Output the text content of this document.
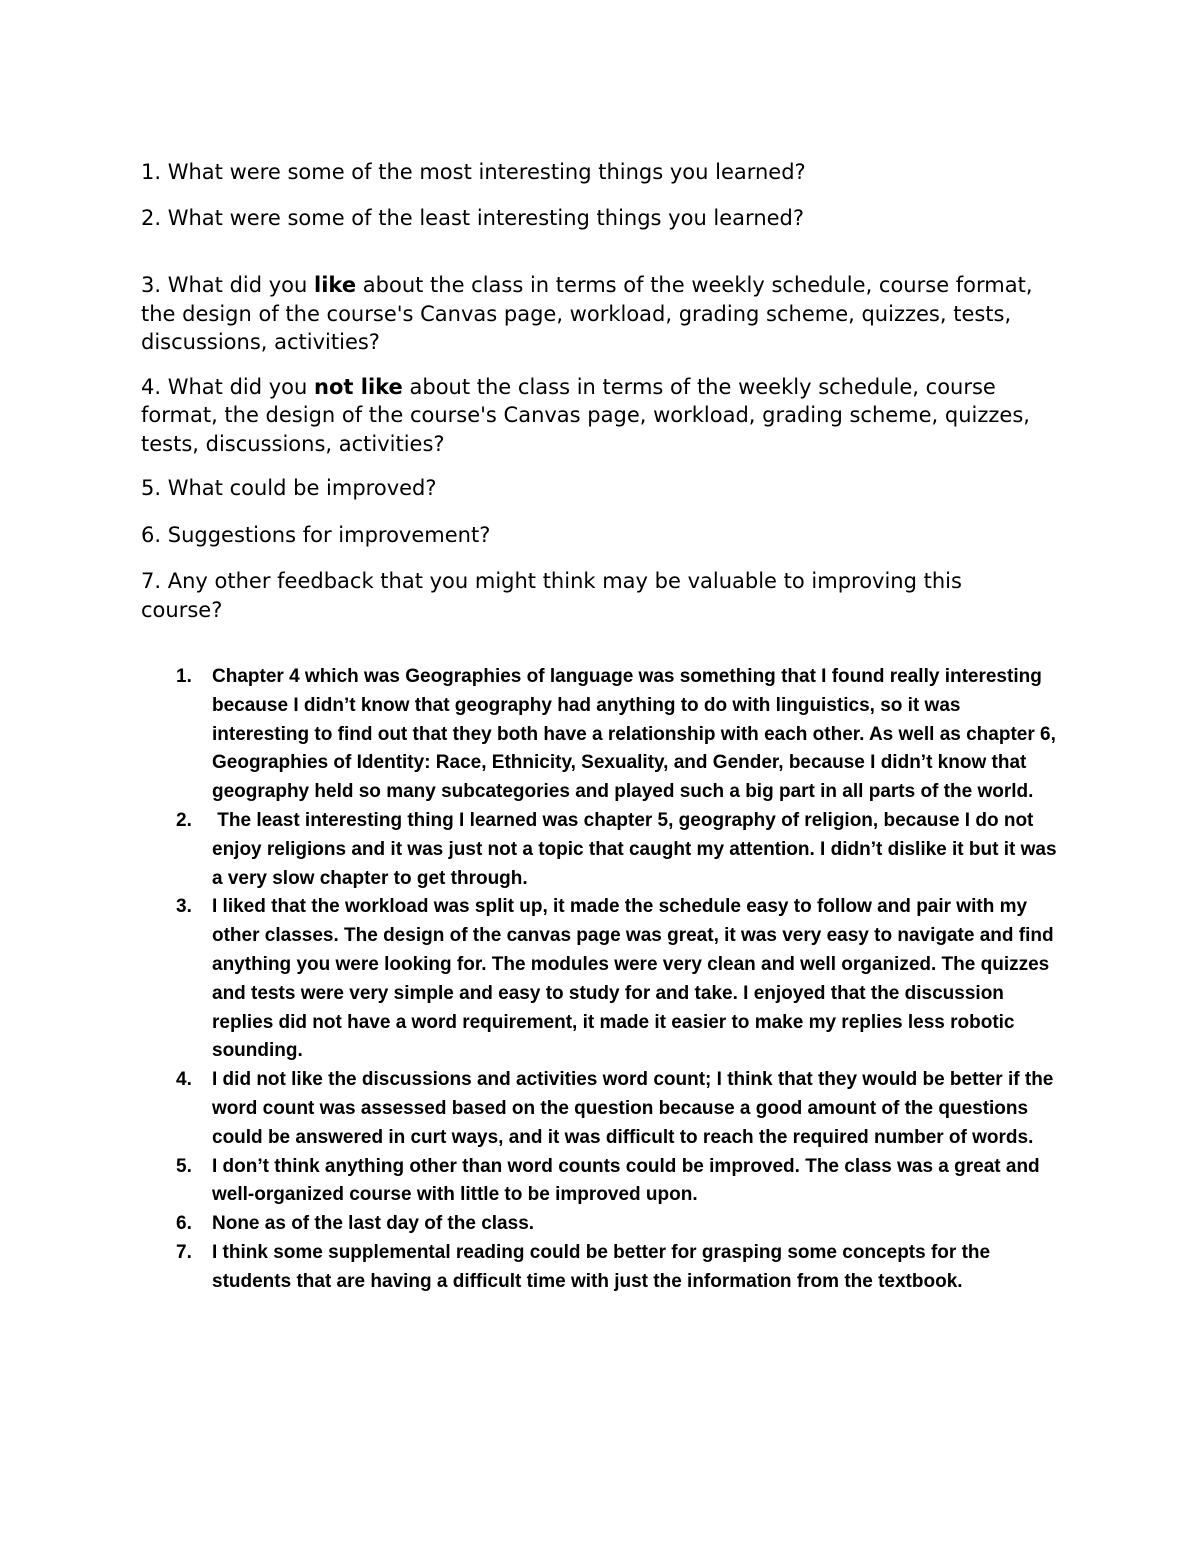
1. What were some of the most interesting things you learned?

2. What were some of the least interesting things you learned?

3. What did you like about the class in terms of the weekly schedule, course format, the design of the course's Canvas page, workload, grading scheme, quizzes, tests, discussions, activities?

4. What did you not like about the class in terms of the weekly schedule, course format, the design of the course's Canvas page, workload, grading scheme, quizzes, tests, discussions, activities?

5. What could be improved?

6. Suggestions for improvement?

7. Any other feedback that you might think may be valuable to improving this course?

1. Chapter 4 which was Geographies of language was something that I found really interesting because I didn’t know that geography had anything to do with linguistics, so it was interesting to find out that they both have a relationship with each other. As well as chapter 6, Geographies of Identity: Race, Ethnicity, Sexuality, and Gender, because I didn’t know that geography held so many subcategories and played such a big part in all parts of the world.
2. The least interesting thing I learned was chapter 5, geography of religion, because I do not enjoy religions and it was just not a topic that caught my attention. I didn’t dislike it but it was a very slow chapter to get through.
3. I liked that the workload was split up, it made the schedule easy to follow and pair with my other classes. The design of the canvas page was great, it was very easy to navigate and find anything you were looking for. The modules were very clean and well organized. The quizzes and tests were very simple and easy to study for and take. I enjoyed that the discussion replies did not have a word requirement, it made it easier to make my replies less robotic sounding.
4. I did not like the discussions and activities word count; I think that they would be better if the word count was assessed based on the question because a good amount of the questions could be answered in curt ways, and it was difficult to reach the required number of words.
5. I don’t think anything other than word counts could be improved. The class was a great and well-organized course with little to be improved upon.
6. None as of the last day of the class.
7. I think some supplemental reading could be better for grasping some concepts for the students that are having a difficult time with just the information from the textbook.
